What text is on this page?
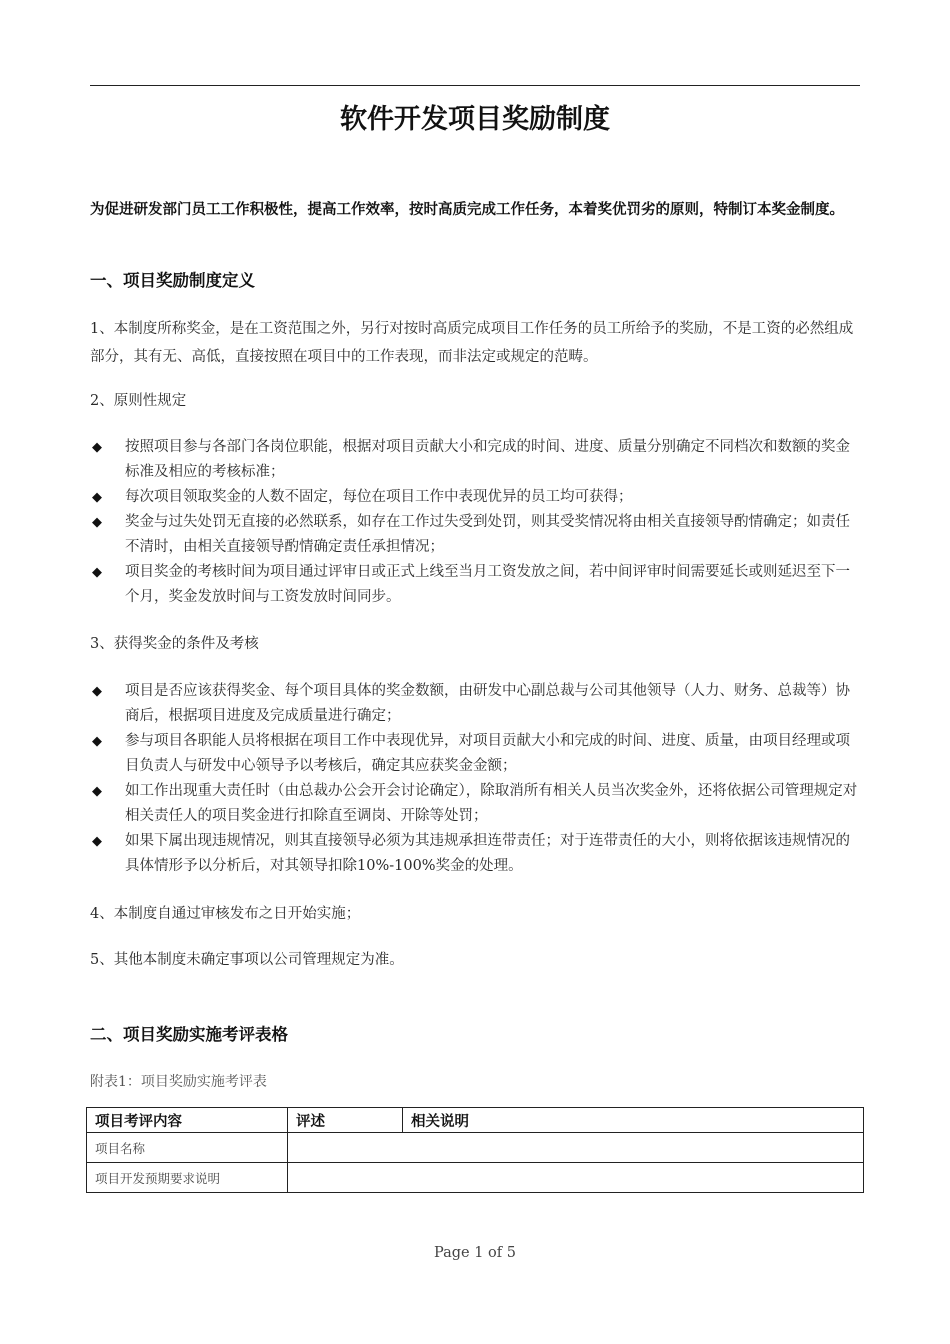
软件开发项目奖励制度
为促进研发部门员工工作积极性，提高工作效率，按时高质完成工作任务，本着奖优罚劣的原则，特制订本奖金制度。
一、项目奖励制度定义
1、本制度所称奖金，是在工资范围之外，另行对按时高质完成项目工作任务的员工所给予的奖励，不是工资的必然组成部分，其有无、高低，直接按照在项目中的工作表现，而非法定或规定的范畴。
2、原则性规定
◆ 按照项目参与各部门各岗位职能，根据对项目贡献大小和完成的时间、进度、质量分别确定不同档次和数额的奖金标准及相应的考核标准；
◆ 每次项目领取奖金的人数不固定，每位在项目工作中表现优异的员工均可获得；
◆ 奖金与过失处罚无直接的必然联系，如存在工作过失受到处罚，则其受奖情况将由相关直接领导酌情确定；如责任不清时，由相关直接领导酌情确定责任承担情况；
◆ 项目奖金的考核时间为项目通过评审日或正式上线至当月工资发放之间，若中间评审时间需要延长或则延迟至下一个月，奖金发放时间与工资发放时间同步。
3、获得奖金的条件及考核
◆ 项目是否应该获得奖金、每个项目具体的奖金数额，由研发中心副总裁与公司其他领导（人力、财务、总裁等）协商后，根据项目进度及完成质量进行确定；
◆ 参与项目各职能人员将根据在项目工作中表现优异，对项目贡献大小和完成的时间、进度、质量，由项目经理或项目负责人与研发中心领导予以考核后，确定其应获奖金金额；
◆ 如工作出现重大责任时（由总裁办公会开会讨论确定），除取消所有相关人员当次奖金外，还将依据公司管理规定对相关责任人的项目奖金进行扣除直至调岗、开除等处罚；
◆ 如果下属出现违规情况，则其直接领导必须为其违规承担连带责任；对于连带责任的大小，则将依据该违规情况的具体情形予以分析后，对其领导扣除10%-100%奖金的处理。
4、本制度自通过审核发布之日开始实施；
5、其他本制度未确定事项以公司管理规定为准。
二、项目奖励实施考评表格
附表1：项目奖励实施考评表
项目考评内容	评述	相关说明
项目名称		
项目开发预期要求说明		
Page 1 of 5
